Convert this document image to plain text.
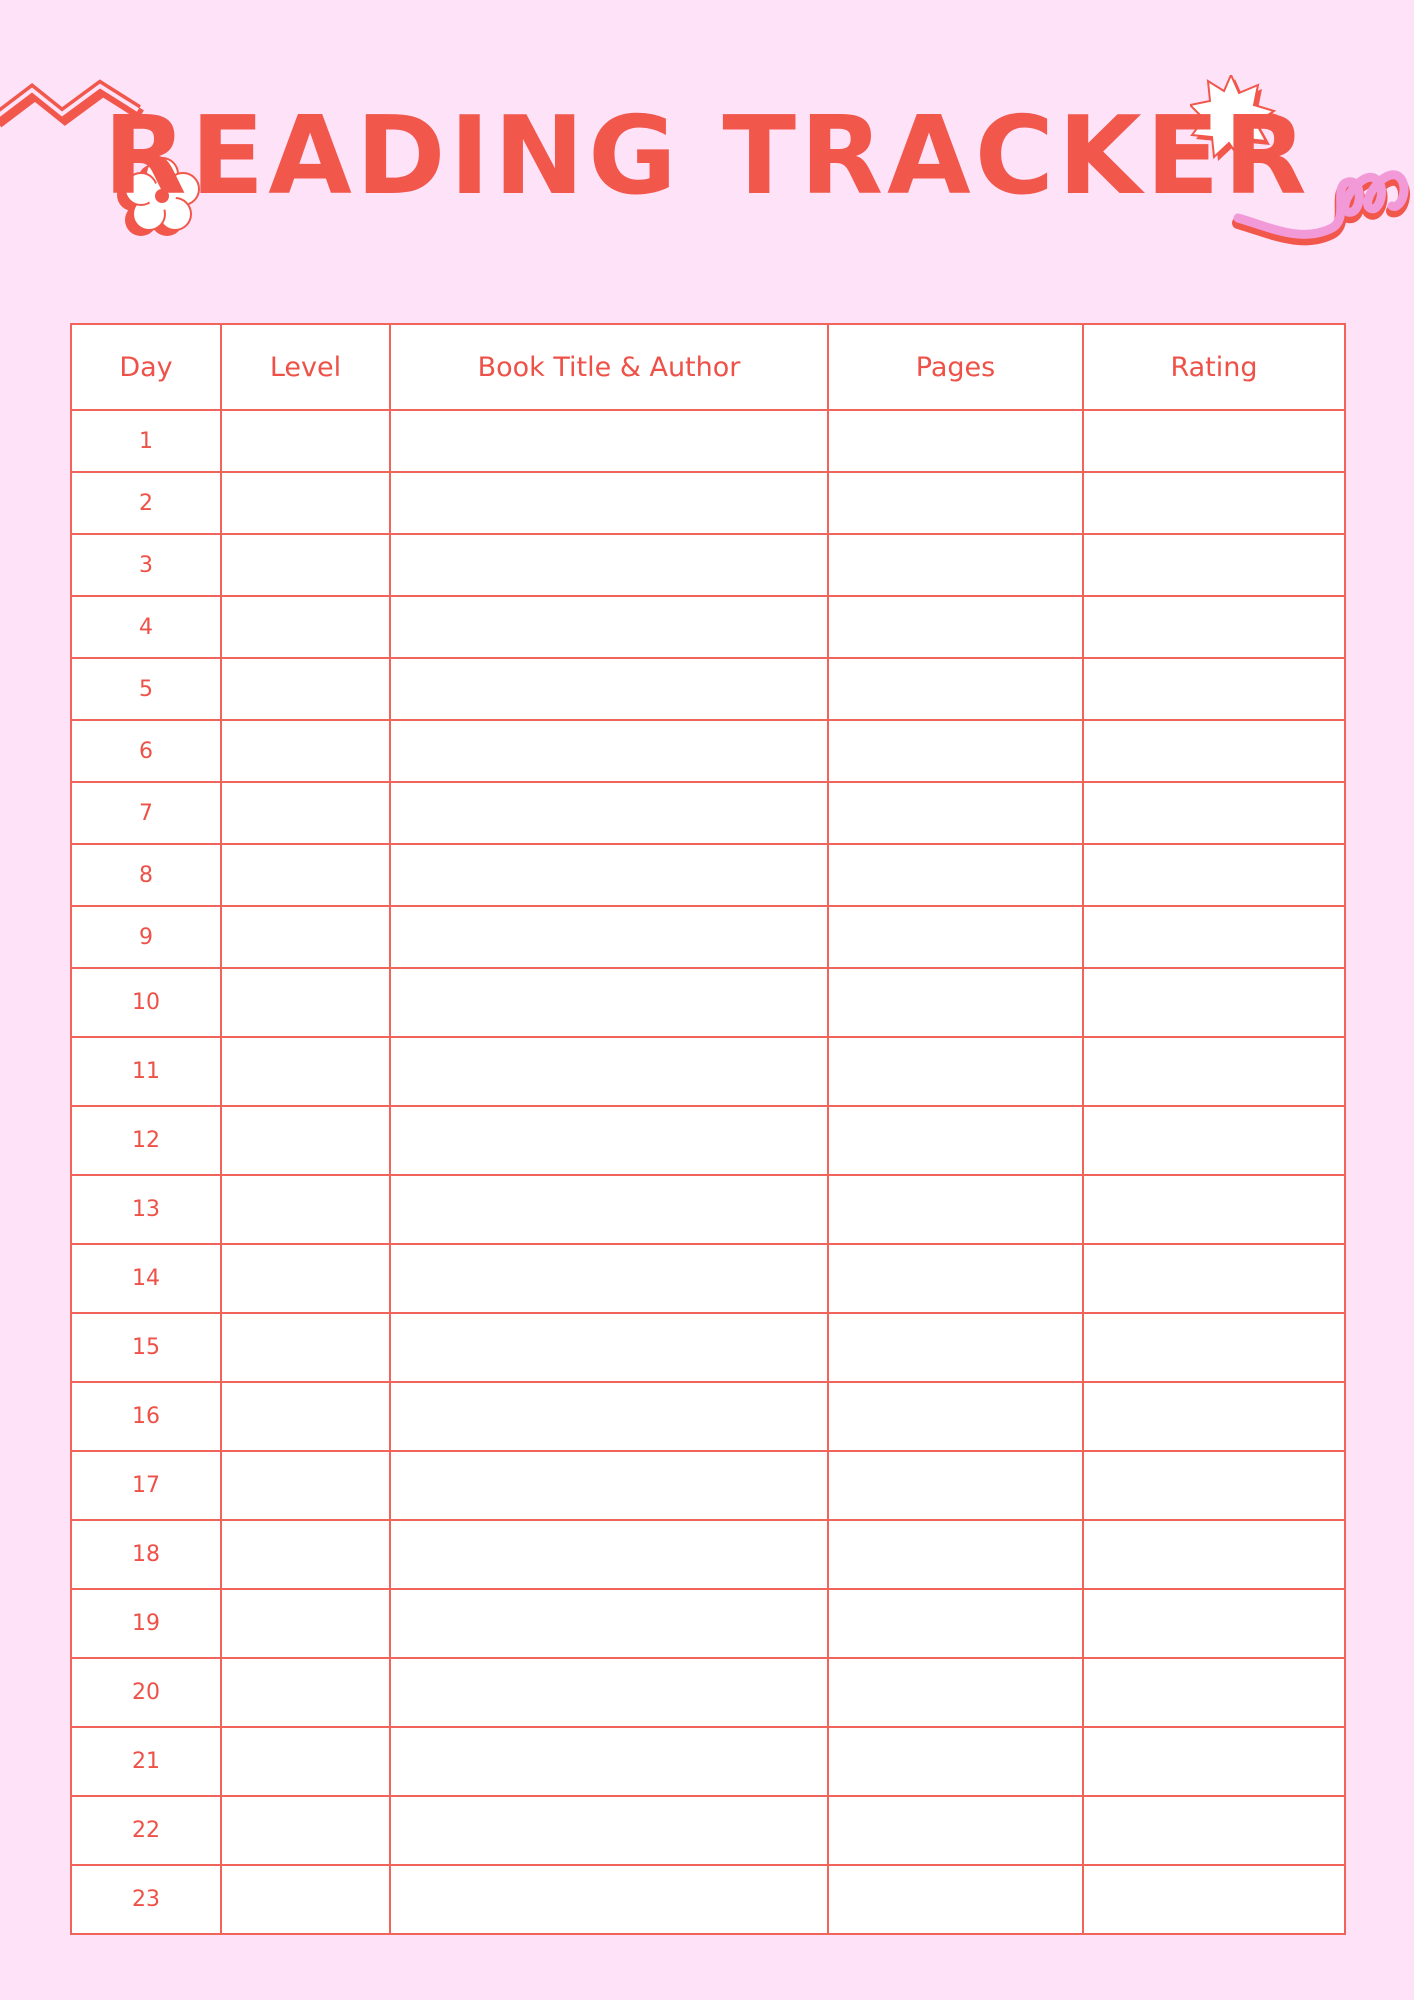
READING TRACKER
Day	Level	Book Title & Author	Pages	Rating
1				
2				
3				
4				
5				
6				
7				
8				
9				
10				
11				
12				
13				
14				
15				
16				
17				
18				
19				
20				
21				
22				
23				
